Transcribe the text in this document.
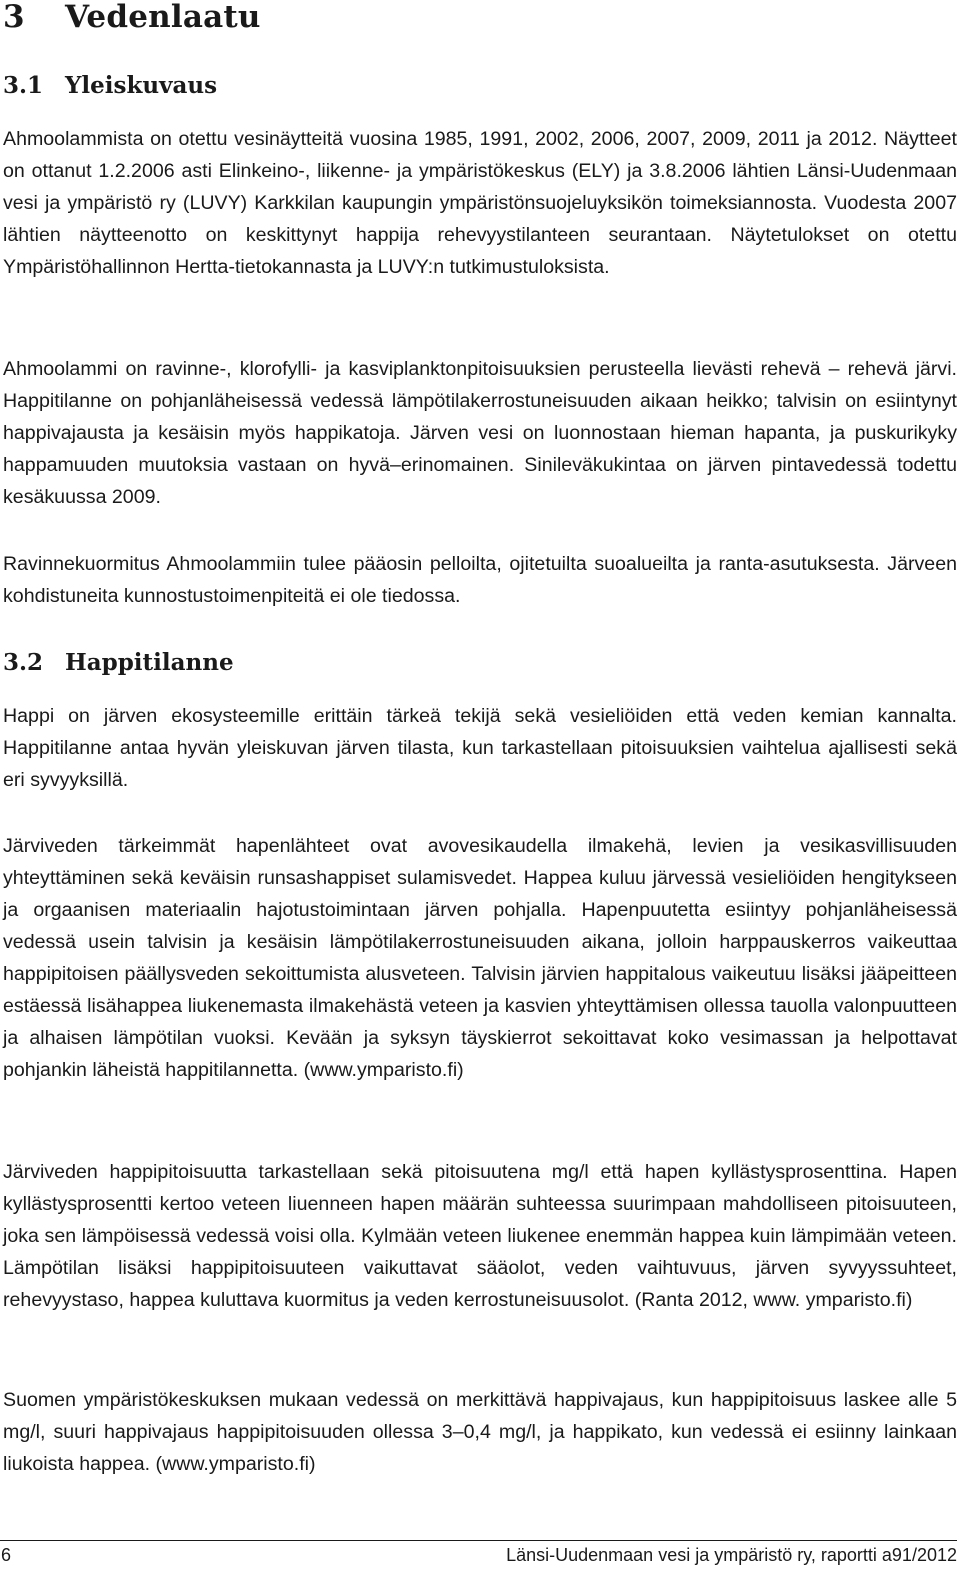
3 Vedenlaatu
3.1 Yleiskuvaus

Ahmoolammista on otettu vesinäytteitä vuosina 1985, 1991, 2002, 2006, 2007, 2009, 2011 ja 2012. Näytteet on ottanut 1.2.2006 asti Elinkeino-, liikenne- ja ympäristökeskus (ELY) ja 3.8.2006 lähtien Länsi-Uudenmaan vesi ja ympäristö ry (LUVY) Karkkilan kaupungin ympäristönsuojeluyksikön toimeksiannosta. Vuodesta 2007 lähtien näytteenotto on keskittynyt happija rehevyystilanteen seurantaan. Näytetulokset on otettu Ympäristöhallinnon Hertta-tietokannasta ja LUVY:n tutkimustuloksista.

Ahmoolammi on ravinne-, klorofylli- ja kasviplanktonpitoisuuksien perusteella lievästi rehevä – rehevä järvi. Happitilanne on pohjanläheisessä vedessä lämpötilakerrostuneisuuden aikaan heikko; talvisin on esiintynyt happivajausta ja kesäisin myös happikatoja. Järven vesi on luonnostaan hieman hapanta, ja puskurikyky happamuuden muutoksia vastaan on hyvä–erinomainen. Sinileväkukintaa on järven pintavedessä todettu kesäkuussa 2009.

Ravinnekuormitus Ahmoolammiin tulee pääosin pelloilta, ojitetuilta suoalueilta ja ranta-asutuksesta. Järveen kohdistuneita kunnostustoimenpiteitä ei ole tiedossa.

3.2 Happitilanne

Happi on järven ekosysteemille erittäin tärkeä tekijä sekä vesieliöiden että veden kemian kannalta. Happitilanne antaa hyvän yleiskuvan järven tilasta, kun tarkastellaan pitoisuuksien vaihtelua ajallisesti sekä eri syvyyksillä.

Järviveden tärkeimmät hapenlähteet ovat avovesikaudella ilmakehä, levien ja vesikasvillisuuden yhteyttäminen sekä keväisin runsashappiset sulamisvedet. Happea kuluu järvessä vesieliöiden hengitykseen ja orgaanisen materiaalin hajotustoimintaan järven pohjalla. Hapenpuutetta esiintyy pohjanläheisessä vedessä usein talvisin ja kesäisin lämpötilakerrostuneisuuden aikana, jolloin harppauskerros vaikeuttaa happipitoisen päällysveden sekoittumista alusveteen. Talvisin järvien happitalous vaikeutuu lisäksi jääpeitteen estäessä lisähappea liukenemasta ilmakehästä veteen ja kasvien yhteyttämisen ollessa tauolla valonpuutteen ja alhaisen lämpötilan vuoksi. Kevään ja syksyn täyskierrot sekoittavat koko vesimassan ja helpottavat pohjankin läheistä happitilannetta. (www.ymparisto.fi)

Järviveden happipitoisuutta tarkastellaan sekä pitoisuutena mg/l että hapen kyllästysprosenttina. Hapen kyllästysprosentti kertoo veteen liuenneen hapen määrän suhteessa suurimpaan mahdolliseen pitoisuuteen, joka sen lämpöisessä vedessä voisi olla. Kylmään veteen liukenee enemmän happea kuin lämpimään veteen. Lämpötilan lisäksi happipitoisuuteen vaikuttavat sääolot, veden vaihtuvuus, järven syvyyssuhteet, rehevyystaso, happea kuluttava kuormitus ja veden kerrostuneisuusolot. (Ranta 2012, www. ymparisto.fi)

Suomen ympäristökeskuksen mukaan vedessä on merkittävä happivajaus, kun happipitoisuus laskee alle 5 mg/l, suuri happivajaus happipitoisuuden ollessa 3–0,4 mg/l, ja happikato, kun vedessä ei esiinny lainkaan liukoista happea. (www.ymparisto.fi)

6	Länsi-Uudenmaan vesi ja ympäristö ry, raportti a91/2012
